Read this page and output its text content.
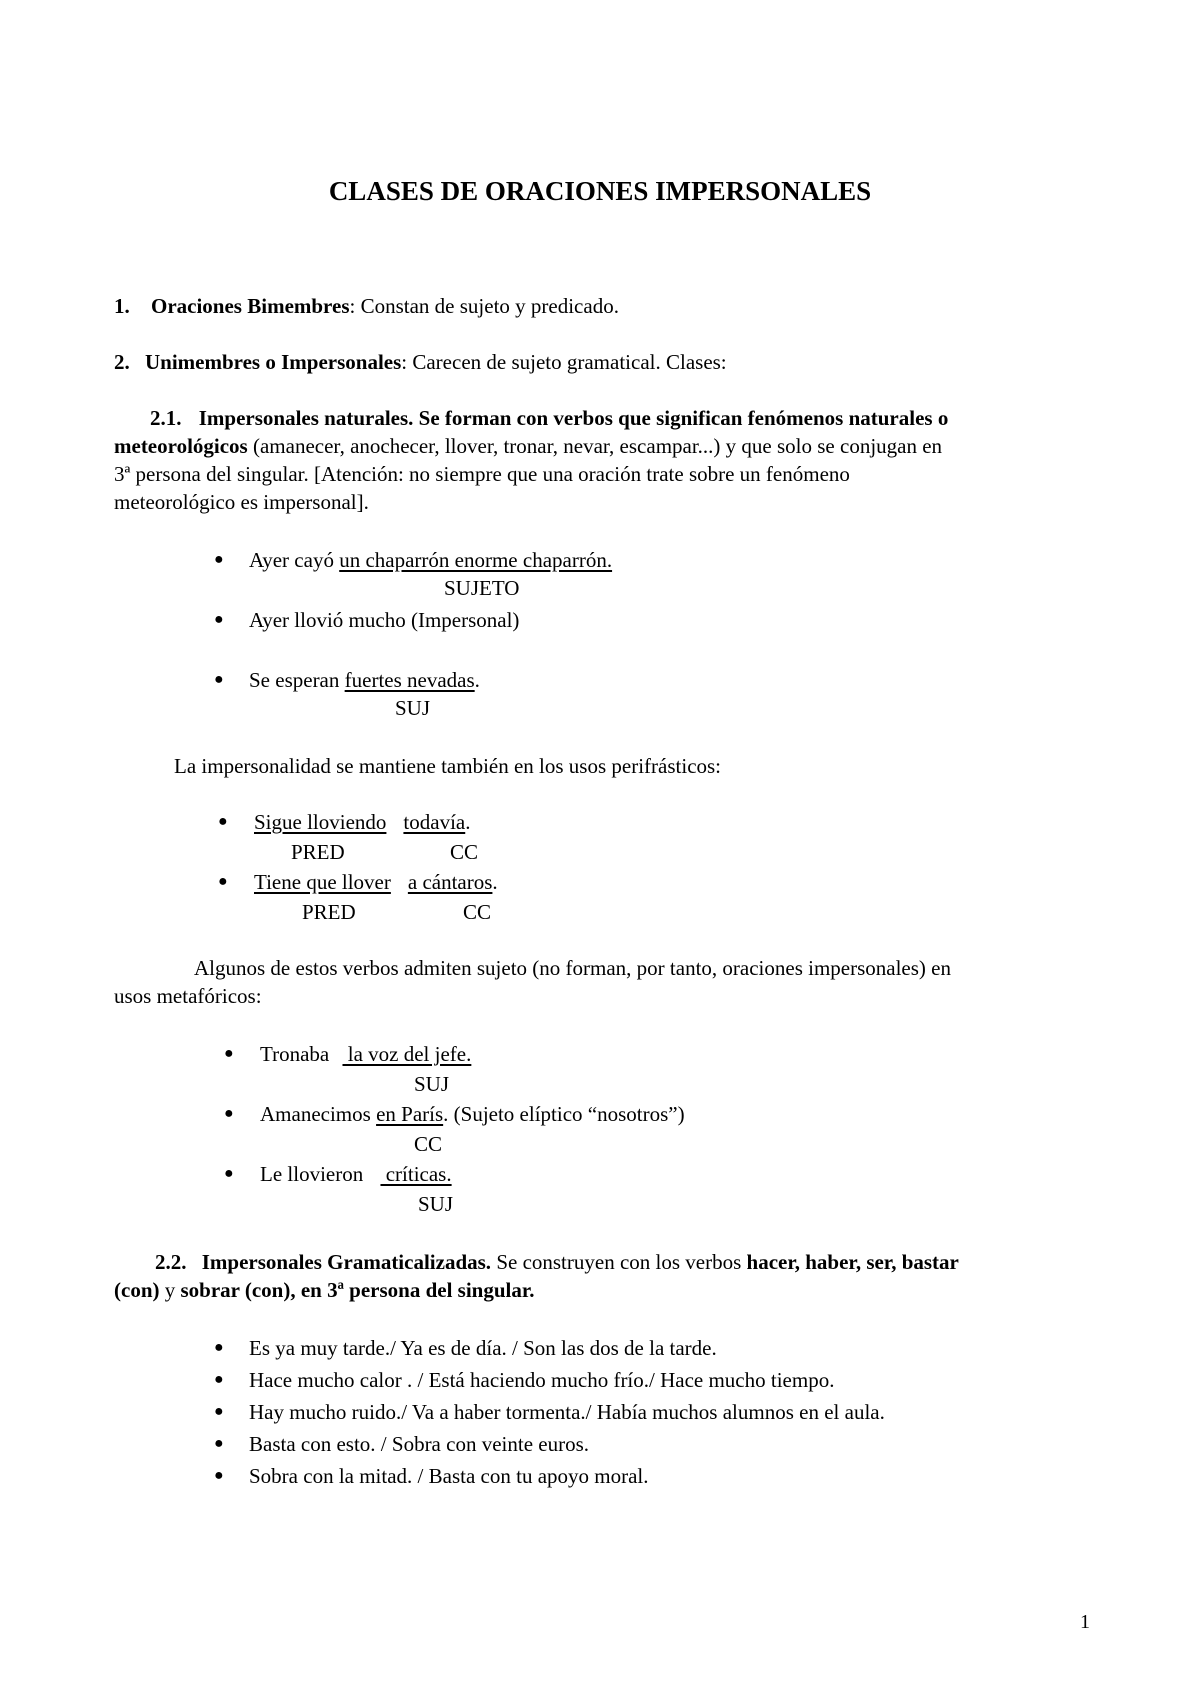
CLASES DE ORACIONES IMPERSONALES
1. Oraciones Bimembres: Constan de sujeto y predicado.
2. Unimembres o Impersonales: Carecen de sujeto gramatical. Clases:
2.1. Impersonales naturales. Se forman con verbos que significan fenómenos naturales o
meteorológicos (amanecer, anochecer, llover, tronar, nevar, escampar...) y que solo se conjugan en
3ª persona del singular. [Atención: no siempre que una oración trate sobre un fenómeno
meteorológico es impersonal].
● Ayer cayó un chaparrón enorme chaparrón.
SUJETO
● Ayer llovió mucho (Impersonal)
● Se esperan fuertes nevadas.
SUJ
La impersonalidad se mantiene también en los usos perifrásticos:
● Sigue lloviendo todavía.
PRED	CC
● Tiene que llover a cántaros.
PRED	CC
Algunos de estos verbos admiten sujeto (no forman, por tanto, oraciones impersonales) en
usos metafóricos:
● Tronaba  la voz del jefe.
SUJ
● Amanecimos en París. (Sujeto elíptico “nosotros”)
CC
● Le llovieron  críticas.
SUJ
2.2. Impersonales Gramaticalizadas. Se construyen con los verbos hacer, haber, ser, bastar
(con) y sobrar (con), en 3ª persona del singular.
● Es ya muy tarde./ Ya es de día. / Son las dos de la tarde.
● Hace mucho calor . / Está haciendo mucho frío./ Hace mucho tiempo.
● Hay mucho ruido./ Va a haber tormenta./ Había muchos alumnos en el aula.
● Basta con esto. / Sobra con veinte euros.
● Sobra con la mitad. / Basta con tu apoyo moral.
1
